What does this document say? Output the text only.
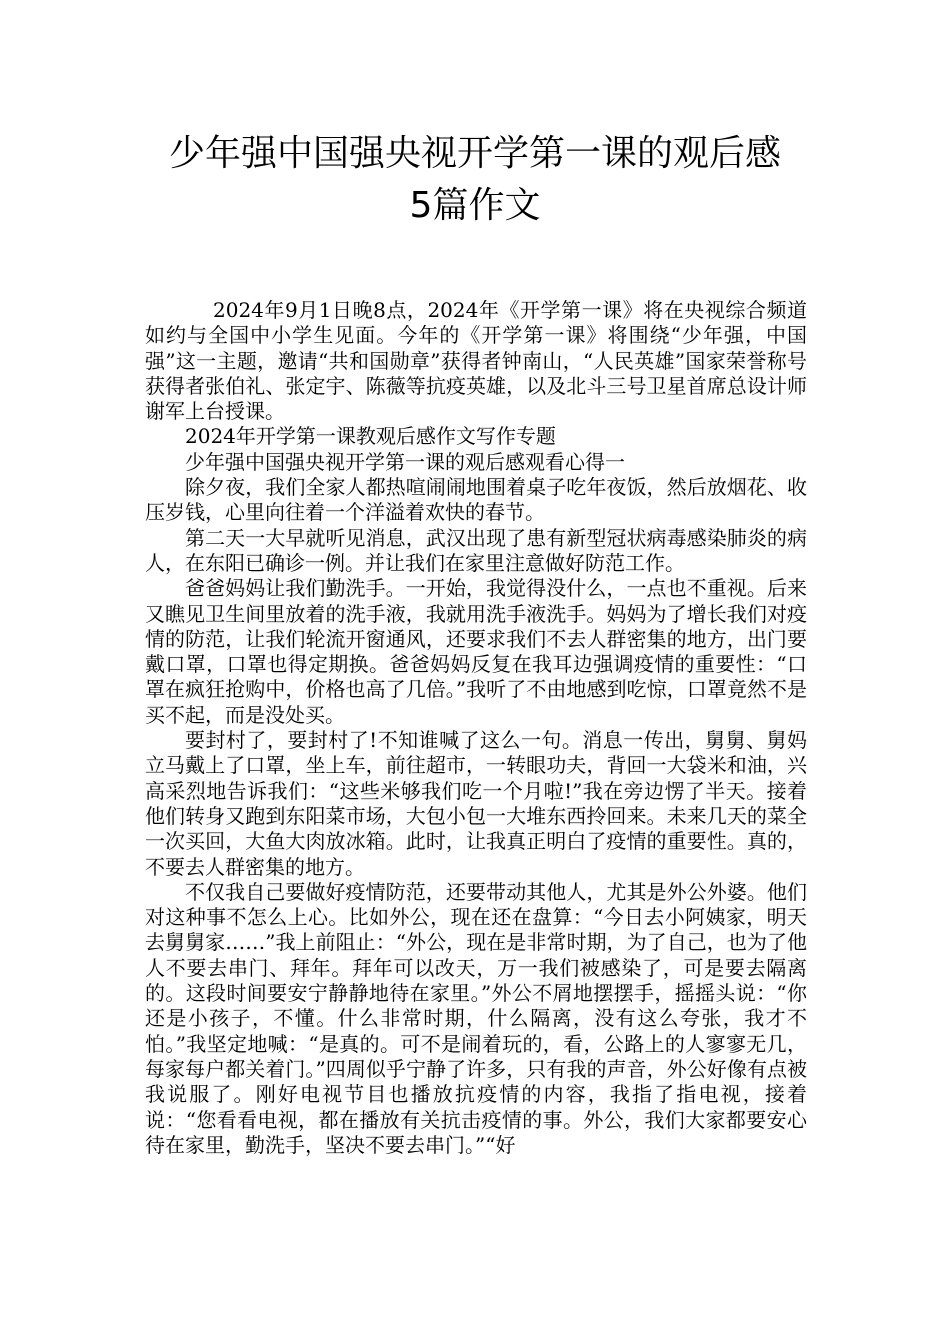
少年强中国强央视开学第一课的观后感
5篇作文

2024年9月1日晚8点，2024年《开学第一课》将在央视综合频道如约与全国中小学生见面。今年的《开学第一课》将围绕“少年强，中国强”这一主题，邀请“共和国勋章”获得者钟南山，“人民英雄”国家荣誉称号获得者张伯礼、张定宇、陈薇等抗疫英雄，以及北斗三号卫星首席总设计师谢军上台授课。

2024年开学第一课教观后感作文写作专题

少年强中国强央视开学第一课的观后感观看心得一

除夕夜，我们全家人都热喧闹闹地围着桌子吃年夜饭，然后放烟花、收压岁钱，心里向往着一个洋溢着欢快的春节。

第二天一大早就听见消息，武汉出现了患有新型冠状病毒感染肺炎的病人，在东阳已确诊一例。并让我们在家里注意做好防范工作。

爸爸妈妈让我们勤洗手。一开始，我觉得没什么，一点也不重视。后来又瞧见卫生间里放着的洗手液，我就用洗手液洗手。妈妈为了增长我们对疫情的防范，让我们轮流开窗通风，还要求我们不去人群密集的地方，出门要戴口罩，口罩也得定期换。爸爸妈妈反复在我耳边强调疫情的重要性：“口罩在疯狂抢购中，价格也高了几倍。”我听了不由地感到吃惊，口罩竟然不是买不起，而是没处买。

要封村了，要封村了!不知谁喊了这么一句。消息一传出，舅舅、舅妈立马戴上了口罩，坐上车，前往超市，一转眼功夫，背回一大袋米和油，兴高采烈地告诉我们：“这些米够我们吃一个月啦!”我在旁边愣了半天。接着他们转身又跑到东阳菜市场，大包小包一大堆东西拎回来。未来几天的菜全一次买回，大鱼大肉放冰箱。此时，让我真正明白了疫情的重要性。真的，不要去人群密集的地方。

不仅我自己要做好疫情防范，还要带动其他人，尤其是外公外婆。他们对这种事不怎么上心。比如外公，现在还在盘算：“今日去小阿姨家，明天去舅舅家……”我上前阻止：“外公，现在是非常时期，为了自己，也为了他人不要去串门、拜年。拜年可以改天，万一我们被感染了，可是要去隔离的。这段时间要安宁静静地待在家里。”外公不屑地摆摆手，摇摇头说：“你还是小孩子，不懂。什么非常时期，什么隔离，没有这么夸张，我才不怕。”我坚定地喊：“是真的。可不是闹着玩的，看，公路上的人寥寥无几，每家每户都关着门。”四周似乎宁静了许多，只有我的声音，外公好像有点被我说服了。刚好电视节目也播放抗疫情的内容，我指了指电视，接着说：“您看看电视，都在播放有关抗击疫情的事。外公，我们大家都要安心待在家里，勤洗手，坚决不要去串门。”“好
